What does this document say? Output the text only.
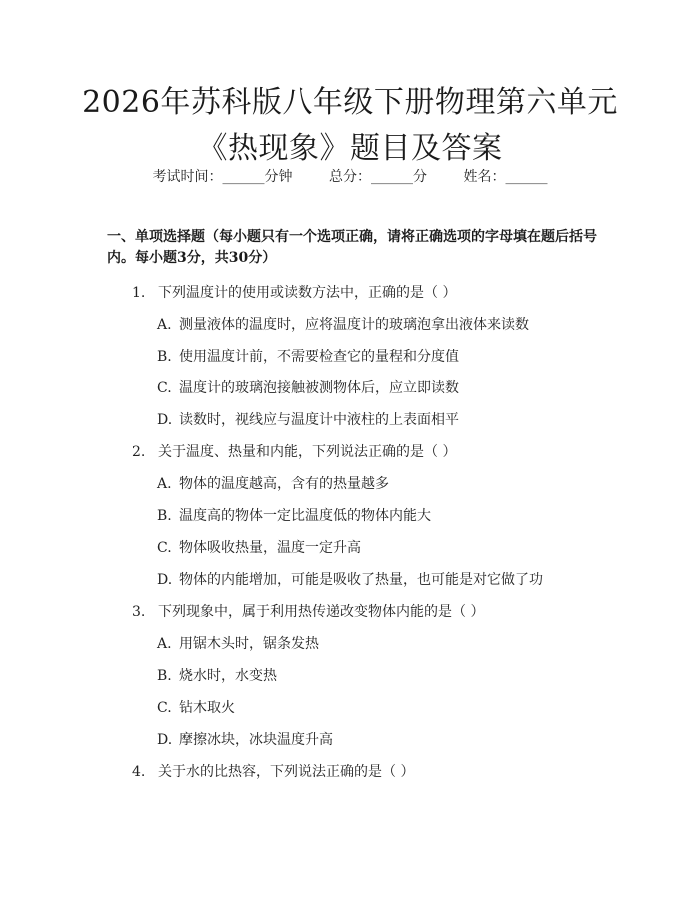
2026年苏科版八年级下册物理第六单元《热现象》题目及答案
考试时间：______分钟	总分：______分	姓名：______

一、单项选择题（每小题只有一个选项正确，请将正确选项的字母填在题后括号内。每小题3分，共30分）

1. 下列温度计的使用或读数方法中，正确的是（ ）
A. 测量液体的温度时，应将温度计的玻璃泡拿出液体来读数
B. 使用温度计前，不需要检查它的量程和分度值
C. 温度计的玻璃泡接触被测物体后，应立即读数
D. 读数时，视线应与温度计中液柱的上表面相平
2. 关于温度、热量和内能，下列说法正确的是（ ）
A. 物体的温度越高，含有的热量越多
B. 温度高的物体一定比温度低的物体内能大
C. 物体吸收热量，温度一定升高
D. 物体的内能增加，可能是吸收了热量，也可能是对它做了功
3. 下列现象中，属于利用热传递改变物体内能的是（ ）
A. 用锯木头时，锯条发热
B. 烧水时，水变热
C. 钻木取火
D. 摩擦冰块，冰块温度升高
4. 关于水的比热容，下列说法正确的是（ ）
